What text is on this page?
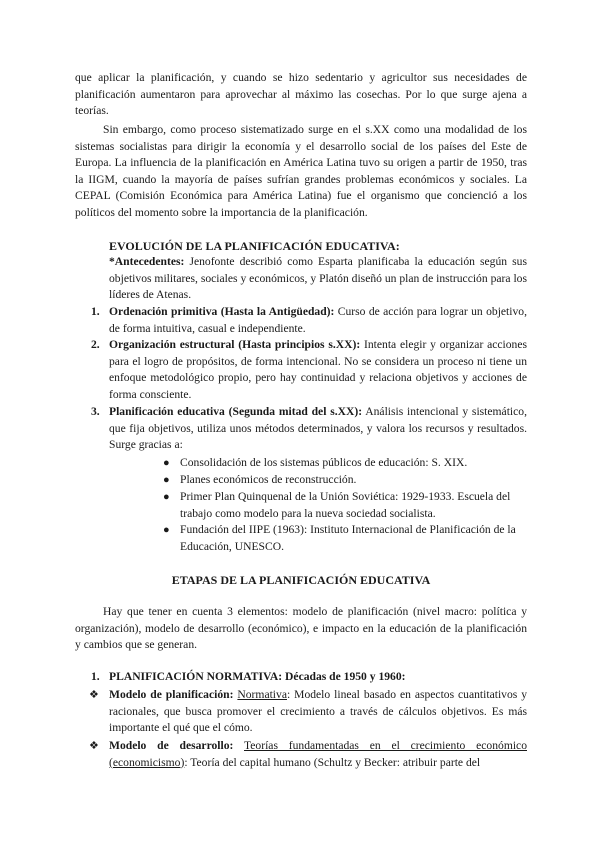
que aplicar la planificación, y cuando se hizo sedentario y agricultor sus necesidades de planificación aumentaron para aprovechar al máximo las cosechas. Por lo que surge ajena a teorías.
Sin embargo, como proceso sistematizado surge en el s.XX como una modalidad de los sistemas socialistas para dirigir la economía y el desarrollo social de los países del Este de Europa. La influencia de la planificación en América Latina tuvo su origen a partir de 1950, tras la IIGM, cuando la mayoría de países sufrían grandes problemas económicos y sociales. La CEPAL (Comisión Económica para América Latina) fue el organismo que concienció a los políticos del momento sobre la importancia de la planificación.
EVOLUCIÓN DE LA PLANIFICACIÓN EDUCATIVA:
*Antecedentes: Jenofonte describió como Esparta planificaba la educación según sus objetivos militares, sociales y económicos, y Platón diseñó un plan de instrucción para los líderes de Atenas.
1. Ordenación primitiva (Hasta la Antigüedad): Curso de acción para lograr un objetivo, de forma intuitiva, casual e independiente.
2. Organización estructural (Hasta principios s.XX): Intenta elegir y organizar acciones para el logro de propósitos, de forma intencional. No se considera un proceso ni tiene un enfoque metodológico propio, pero hay continuidad y relaciona objetivos y acciones de forma consciente.
3. Planificación educativa (Segunda mitad del s.XX): Análisis intencional y sistemático, que fija objetivos, utiliza unos métodos determinados, y valora los recursos y resultados. Surge gracias a:
● Consolidación de los sistemas públicos de educación: S. XIX.
● Planes económicos de reconstrucción.
● Primer Plan Quinquenal de la Unión Soviética: 1929-1933. Escuela del trabajo como modelo para la nueva sociedad socialista.
● Fundación del IIPE (1963): Instituto Internacional de Planificación de la Educación, UNESCO.
ETAPAS DE LA PLANIFICACIÓN EDUCATIVA
Hay que tener en cuenta 3 elementos: modelo de planificación (nivel macro: política y organización), modelo de desarrollo (económico), e impacto en la educación de la planificación y cambios que se generan.
1. PLANIFICACIÓN NORMATIVA: Décadas de 1950 y 1960:
❖ Modelo de planificación: Normativa: Modelo lineal basado en aspectos cuantitativos y racionales, que busca promover el crecimiento a través de cálculos objetivos. Es más importante el qué que el cómo.
❖ Modelo de desarrollo: Teorías fundamentadas en el crecimiento económico (economicismo): Teoría del capital humano (Schultz y Becker: atribuir parte del
